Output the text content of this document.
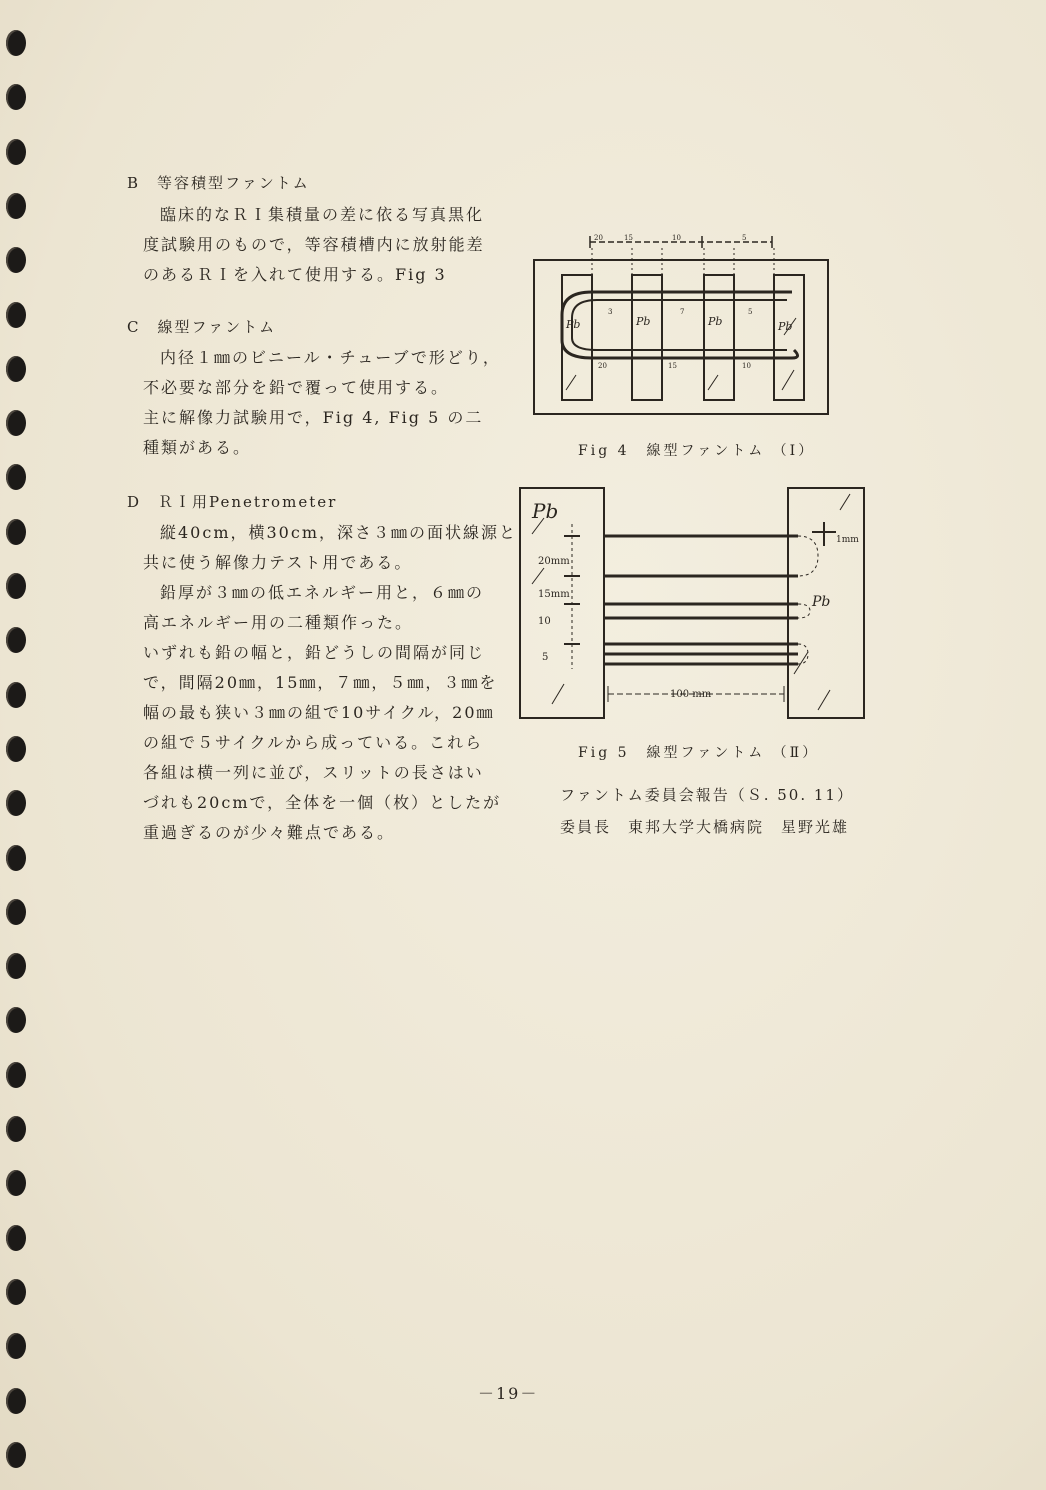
B　等容積型ファントム
臨床的なＲＩ集積量の差に依る写真黒化
度試験用のもので，等容積槽内に放射能差
のあるＲＩを入れて使用する。Fig 3
C　線型ファントム
内径１㎜のビニール・チューブで形どり，
不必要な部分を鉛で覆って使用する。
主に解像力試験用で，Fig 4, Fig 5 の二
種類がある。
D　ＲＩ用Penetrometer
縦40cm，横30cm，深さ３㎜の面状線源と
共に使う解像力テスト用である。
鉛厚が３㎜の低エネルギー用と，６㎜の
高エネルギー用の二種類作った。
いずれも鉛の幅と，鉛どうしの間隔が同じ
で，間隔20㎜，15㎜，７㎜，５㎜，３㎜を
幅の最も狭い３㎜の組で10サイクル，20㎜
の組で５サイクルから成っている。これら
各組は横一列に並び，スリットの長さはい
づれも20cmで，全体を一個（枚）としたが
重過ぎるのが少々難点である。
Pb	Pb	Pb	Pb
20	15	10	5
20	15	10
7	5
3
Fig 4　線型ファントム （Ⅰ）
Pb
Pb
20mm
15mm
10
5
1mm
100 mm
Fig 5　線型ファントム （Ⅱ）
ファントム委員会報告（Ｓ. 50. 11）
委員長　東邦大学大橋病院　星野光雄
－19－
